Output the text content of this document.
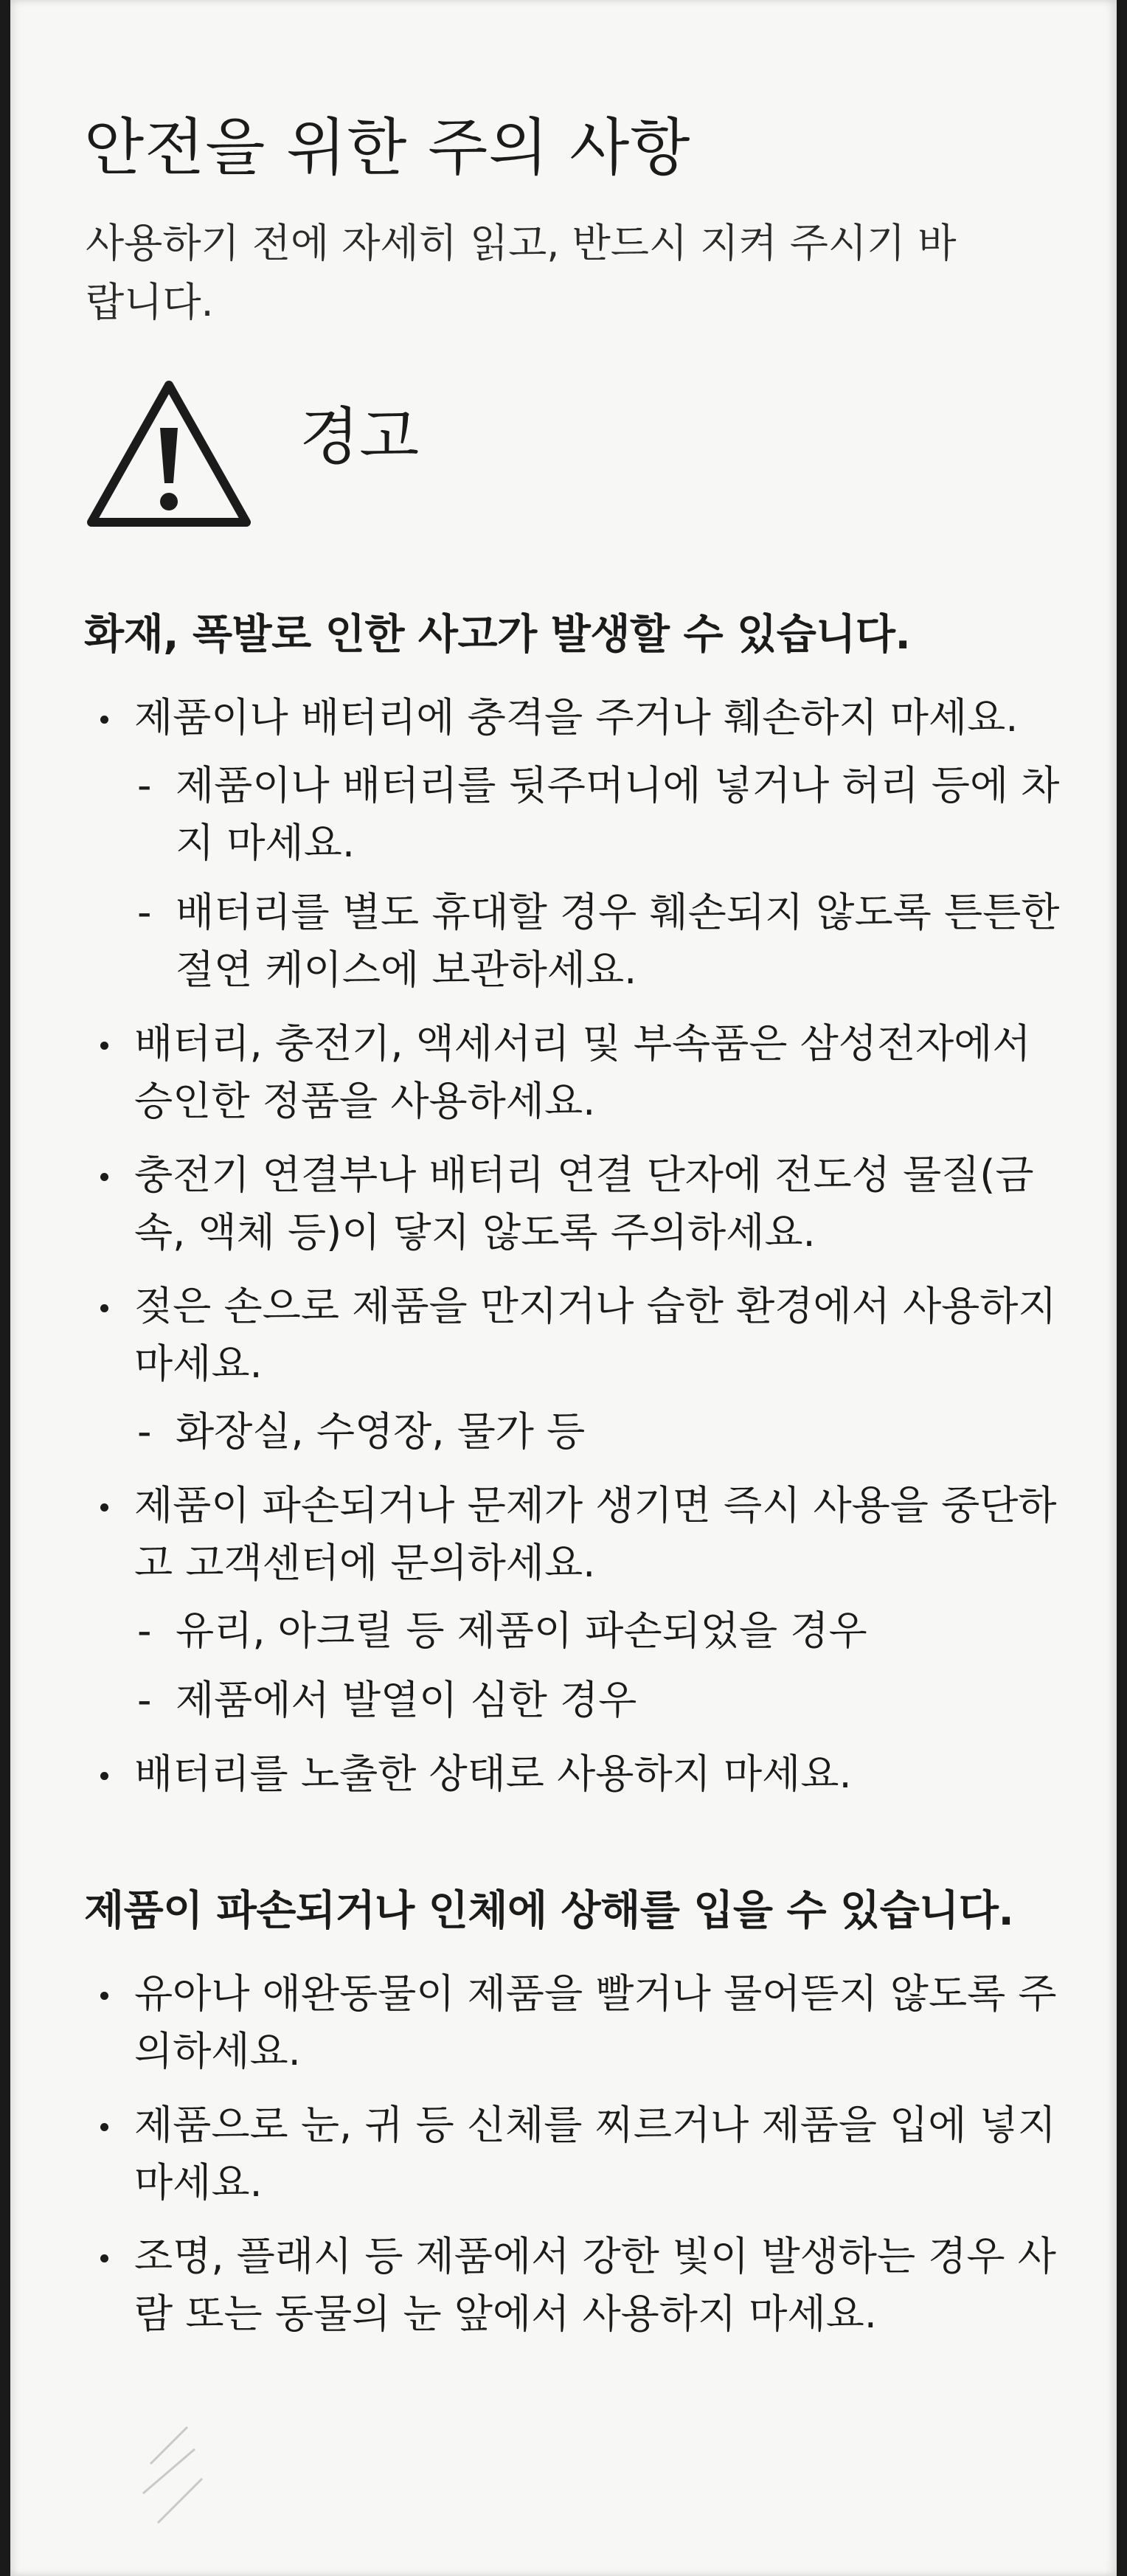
안전을 위한 주의 사항

사용하기 전에 자세히 읽고, 반드시 지켜 주시기 바랍니다.

경고
화재, 폭발로 인한 사고가 발생할 수 있습니다.
제품이나 배터리에 충격을 주거나 훼손하지 마세요.
- 제품이나 배터리를 뒷주머니에 넣거나 허리 등에 차지 마세요.
- 배터리를 별도 휴대할 경우 훼손되지 않도록 튼튼한 절연 케이스에 보관하세요.
배터리, 충전기, 액세서리 및 부속품은 삼성전자에서 승인한 정품을 사용하세요.
충전기 연결부나 배터리 연결 단자에 전도성 물질(금속, 액체 등)이 닿지 않도록 주의하세요.
젖은 손으로 제품을 만지거나 습한 환경에서 사용하지 마세요.
- 화장실, 수영장, 물가 등
제품이 파손되거나 문제가 생기면 즉시 사용을 중단하고 고객센터에 문의하세요.
- 유리, 아크릴 등 제품이 파손되었을 경우
- 제품에서 발열이 심한 경우
배터리를 노출한 상태로 사용하지 마세요.
제품이 파손되거나 인체에 상해를 입을 수 있습니다.
유아나 애완동물이 제품을 빨거나 물어뜯지 않도록 주의하세요.
제품으로 눈, 귀 등 신체를 찌르거나 제품을 입에 넣지 마세요.
조명, 플래시 등 제품에서 강한 빛이 발생하는 경우 사람 또는 동물의 눈 앞에서 사용하지 마세요.
